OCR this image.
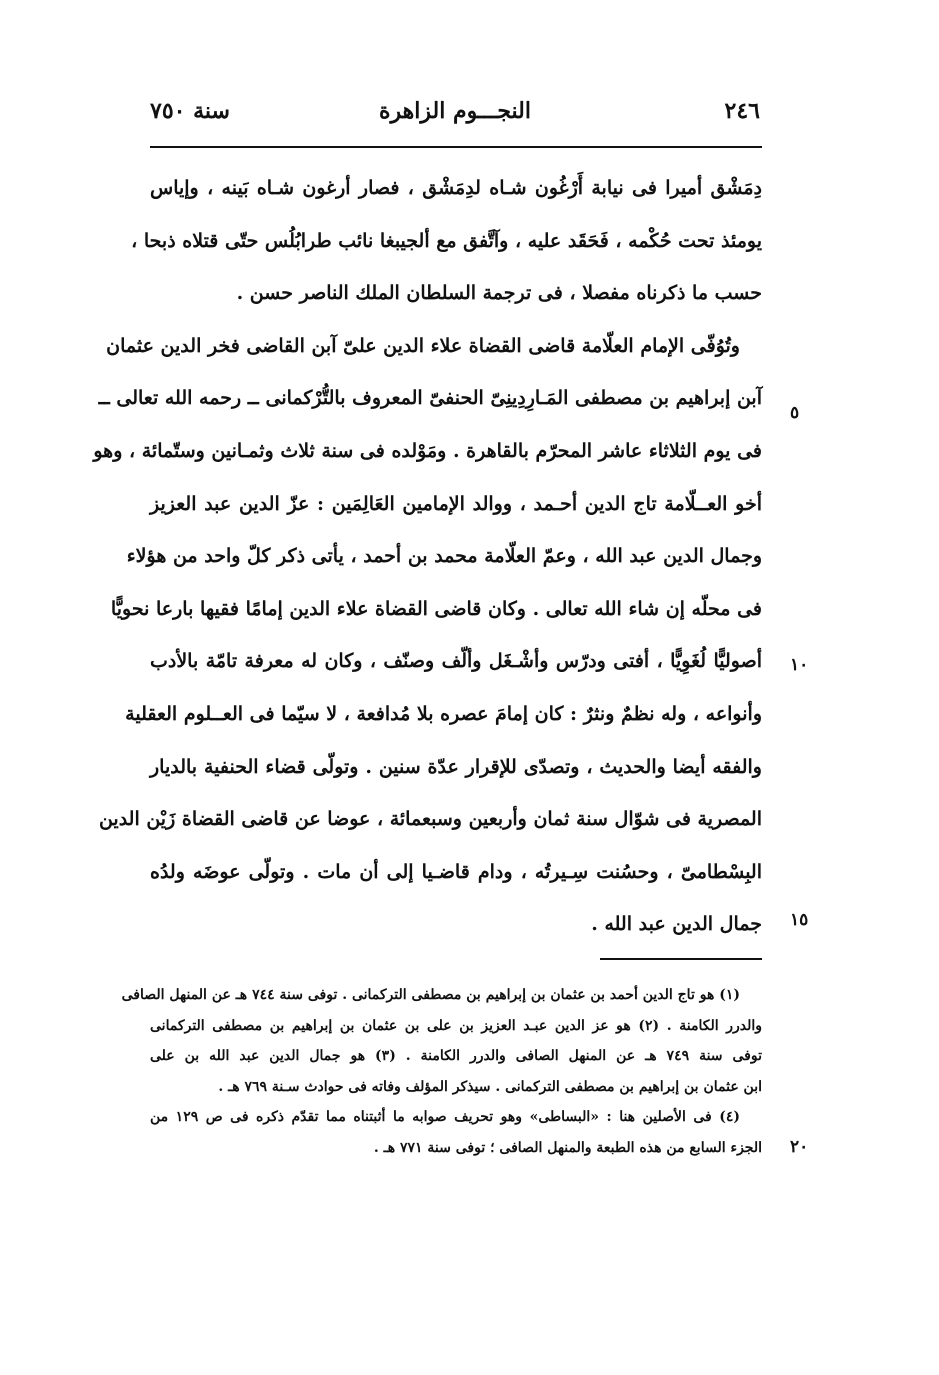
٢٤٦
النجـــوم الزاهرة
سنة ٧٥٠
دِمَشْق أميرا فى نيابة أَرْغُون شـاه لدِمَشْق ، فصار أرغون شـاه بَينه ، وإياس
يومئذ تحت حُكْمه ، فَحَقَد عليه ، وآتَّفق مع ألجيبغا نائب طرابُلُس حتّى قتلاه ذبحا ،
حسب ما ذكرناه مفصلا ، فى ترجمة السلطان الملك الناصر حسن .
وتُوُفّى الإمام العلّامة قاضى القضاة علاء الدين علىّ آبن القاضى فخر الدين عثمان
آبن إبراهيم بن مصطفى المَـارِدِينِىّ الحنفىّ المعروف بالتُّرْكمانى ــ رحمه الله تعالى ــ
فى يوم الثلاثاء عاشر المحرّم بالقاهرة . ومَوْلده فى سنة ثلاث وثمـانين وستّمائة ، وهو
أخو العــلّامة تاج الدين أحـمد ، ووالد الإمامين العَالِمَين : عزّ الدين عبد العزيز
وجمال الدين عبد الله ، وعمّ العلّامة محمد بن أحمد ، يأتى ذكر كلّ واحد من هؤلاء
فى محلّه إن شاء الله تعالى . وكان قاضى القضاة علاء الدين إمامًا فقيها بارعا نحويًّا
أصوليًّا لُغَوِيًّا ، أفتى ودرّس وأشْـغَل وألّف وصنّف ، وكان له معرفة تامّة بالأدب
وأنواعه ، وله نظمٌ ونثرٌ : كان إمامَ عصره بلا مُدافعة ، لا سيّما فى العــلوم العقلية
والفقه أيضا والحديث ، وتصدّى للإقرار عدّة سنين . وتولّى قضاء الحنفية بالديار
المصرية فى شوّال سنة ثمان وأربعين وسبعمائة ، عوضا عن قاضى القضاة زَيْن الدين
البِسْطامىّ ، وحسُنت سِـيرتُه ، ودام قاضـيا إلى أن مات . وتولّى عوضَه ولدُه
جمال الدين عبد الله .
٥
١٠
١٥
٢٠
(١) هو تاج الدين أحمد بن عثمان بن إبراهيم بن مصطفى التركمانى . توفى سنة ٧٤٤ هـ عن المنهل الصافى
والدرر الكامنة . (٢) هو عز الدين عبـد العزيز بن على بن عثمان بن إبراهيم بن مصطفى التركمانى
توفى سنة ٧٤٩ هـ عن المنهل الصافى والدرر الكامنة . (٣) هو جمال الدين عبد الله بن على
ابن عثمان بن إبراهيم بن مصطفى التركمانى . سيذكر المؤلف وفاته فى حوادث سـنة ٧٦٩ هـ .
(٤) فى الأصلين هنا : «البساطى» وهو تحريف صوابه ما أثبتناه مما تقدّم ذكره فى ص ١٢٩ من
الجزء السابع من هذه الطبعة والمنهل الصافى ؛ توفى سنة ٧٧١ هـ .
